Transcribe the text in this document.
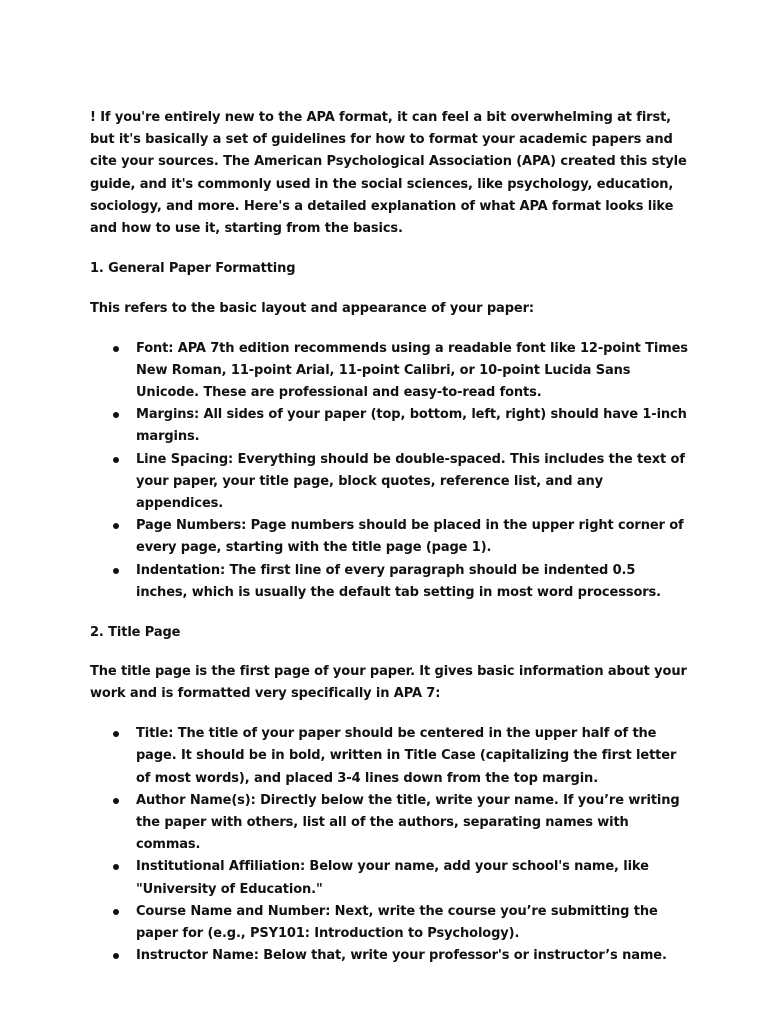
! If you're entirely new to the APA format, it can feel a bit overwhelming at first, but it's basically a set of guidelines for how to format your academic papers and cite your sources. The American Psychological Association (APA) created this style guide, and it's commonly used in the social sciences, like psychology, education, sociology, and more. Here's a detailed explanation of what APA format looks like and how to use it, starting from the basics.

1. General Paper Formatting

This refers to the basic layout and appearance of your paper:

Font: APA 7th edition recommends using a readable font like 12-point Times New Roman, 11-point Arial, 11-point Calibri, or 10-point Lucida Sans Unicode. These are professional and easy-to-read fonts.
Margins: All sides of your paper (top, bottom, left, right) should have 1-inch margins.
Line Spacing: Everything should be double-spaced. This includes the text of your paper, your title page, block quotes, reference list, and any appendices.
Page Numbers: Page numbers should be placed in the upper right corner of every page, starting with the title page (page 1).
Indentation: The first line of every paragraph should be indented 0.5 inches, which is usually the default tab setting in most word processors.

2. Title Page

The title page is the first page of your paper. It gives basic information about your work and is formatted very specifically in APA 7:

Title: The title of your paper should be centered in the upper half of the page. It should be in bold, written in Title Case (capitalizing the first letter of most words), and placed 3-4 lines down from the top margin.
Author Name(s): Directly below the title, write your name. If you’re writing the paper with others, list all of the authors, separating names with commas.
Institutional Affiliation: Below your name, add your school's name, like "University of Education."
Course Name and Number: Next, write the course you’re submitting the paper for (e.g., PSY101: Introduction to Psychology).
Instructor Name: Below that, write your professor's or instructor’s name.
